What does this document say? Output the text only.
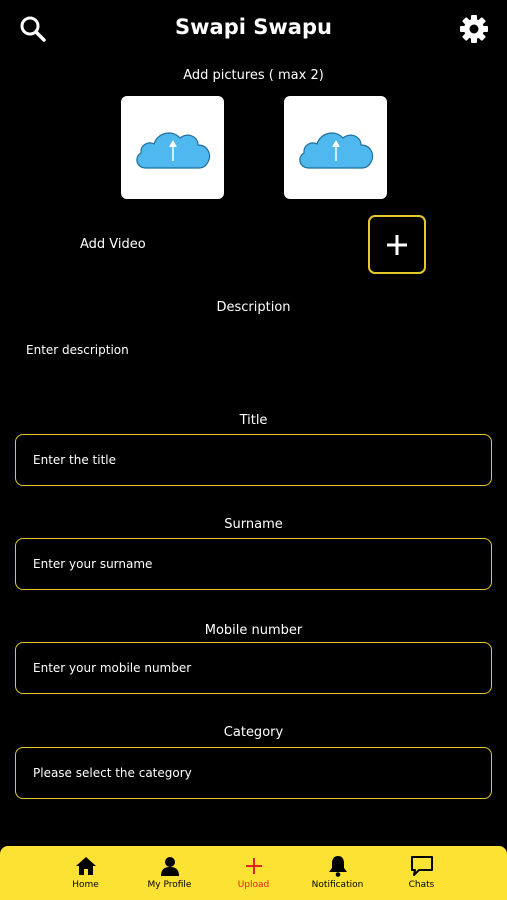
Swapi Swapu
Add pictures ( max 2)
Add Video
Description
Enter description
Title
Enter the title
Surname
Enter your surname
Mobile number
Enter your mobile number
Category
Please select the category
Home	My Profile	Upload	Notification	Chats
